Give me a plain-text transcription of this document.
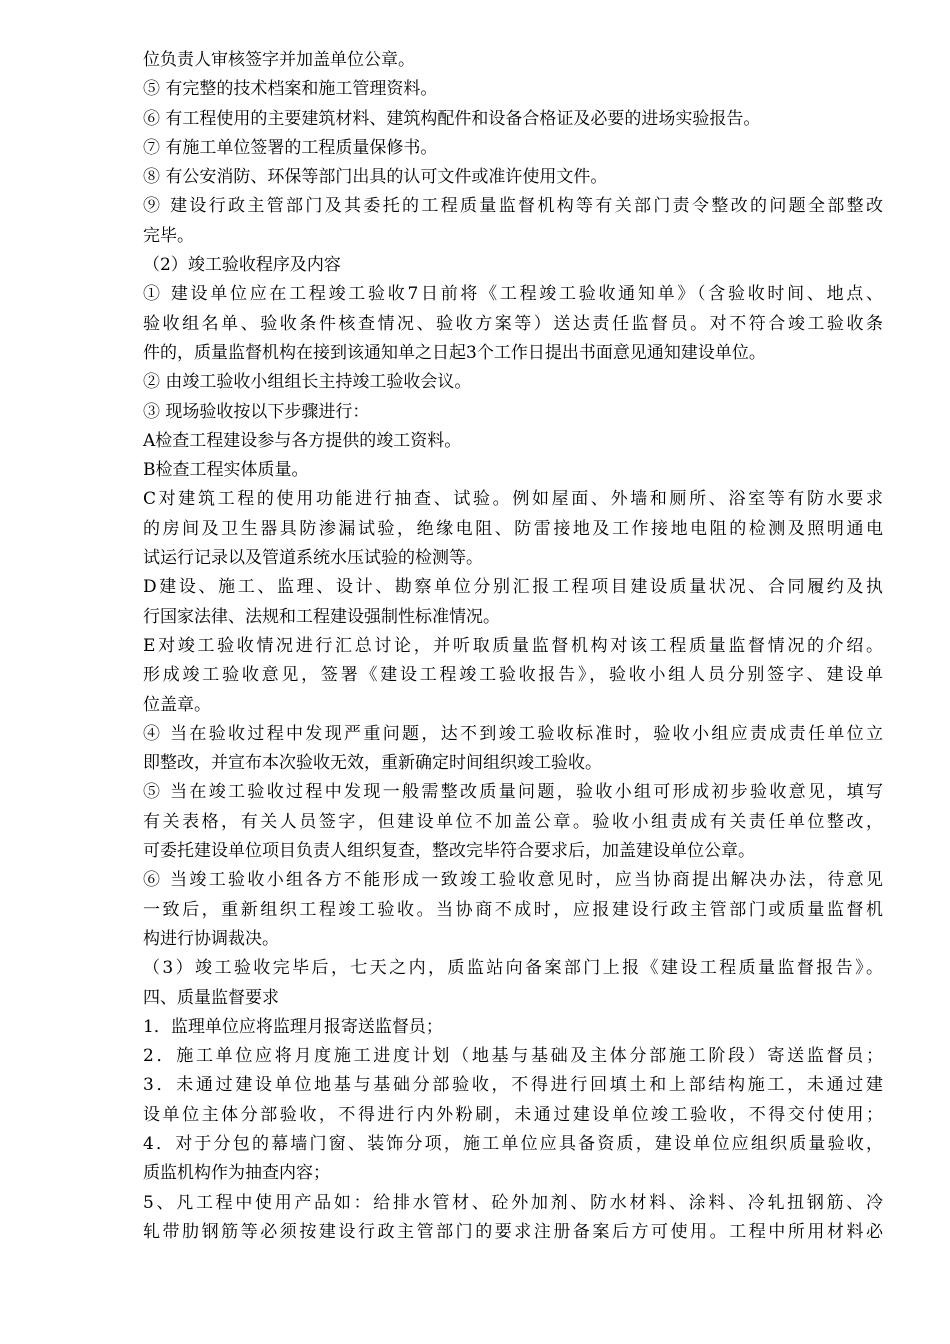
位负责人审核签字并加盖单位公章。
⑤ 有完整的技术档案和施工管理资料。
⑥ 有工程使用的主要建筑材料、建筑构配件和设备合格证及必要的进场实验报告。
⑦ 有施工单位签署的工程质量保修书。
⑧ 有公安消防、环保等部门出具的认可文件或准许使用文件。
⑨ 建设行政主管部门及其委托的工程质量监督机构等有关部门责令整改的问题全部整改
完毕。
（2）竣工验收程序及内容
① 建设单位应在工程竣工验收7日前将《工程竣工验收通知单》（含验收时间、地点、
验收组名单、验收条件核查情况、验收方案等）送达责任监督员。对不符合竣工验收条
件的，质量监督机构在接到该通知单之日起3个工作日提出书面意见通知建设单位。
② 由竣工验收小组组长主持竣工验收会议。
③ 现场验收按以下步骤进行：
A检查工程建设参与各方提供的竣工资料。
B检查工程实体质量。
C对建筑工程的使用功能进行抽查、试验。例如屋面、外墙和厕所、浴室等有防水要求
的房间及卫生器具防渗漏试验，绝缘电阻、防雷接地及工作接地电阻的检测及照明通电
试运行记录以及管道系统水压试验的检测等。
D建设、施工、监理、设计、勘察单位分别汇报工程项目建设质量状况、合同履约及执
行国家法律、法规和工程建设强制性标准情况。
E对竣工验收情况进行汇总讨论，并听取质量监督机构对该工程质量监督情况的介绍。
形成竣工验收意见，签署《建设工程竣工验收报告》，验收小组人员分别签字、建设单
位盖章。
④ 当在验收过程中发现严重问题，达不到竣工验收标准时，验收小组应责成责任单位立
即整改，并宣布本次验收无效，重新确定时间组织竣工验收。
⑤ 当在竣工验收过程中发现一般需整改质量问题，验收小组可形成初步验收意见，填写
有关表格，有关人员签字，但建设单位不加盖公章。验收小组责成有关责任单位整改，
可委托建设单位项目负责人组织复查，整改完毕符合要求后，加盖建设单位公章。
⑥ 当竣工验收小组各方不能形成一致竣工验收意见时，应当协商提出解决办法，待意见
一致后，重新组织工程竣工验收。当协商不成时，应报建设行政主管部门或质量监督机
构进行协调裁决。
（3）竣工验收完毕后，七天之内，质监站向备案部门上报《建设工程质量监督报告》。
四、质量监督要求
1．监理单位应将监理月报寄送监督员；
2．施工单位应将月度施工进度计划（地基与基础及主体分部施工阶段）寄送监督员；
3．未通过建设单位地基与基础分部验收，不得进行回填土和上部结构施工，未通过建
设单位主体分部验收，不得进行内外粉刷，未通过建设单位竣工验收，不得交付使用；
4．对于分包的幕墙门窗、装饰分项，施工单位应具备资质，建设单位应组织质量验收，
质监机构作为抽查内容；
5、凡工程中使用产品如：给排水管材、砼外加剂、防水材料、涂料、冷轧扭钢筋、冷
轧带肋钢筋等必须按建设行政主管部门的要求注册备案后方可使用。工程中所用材料必
